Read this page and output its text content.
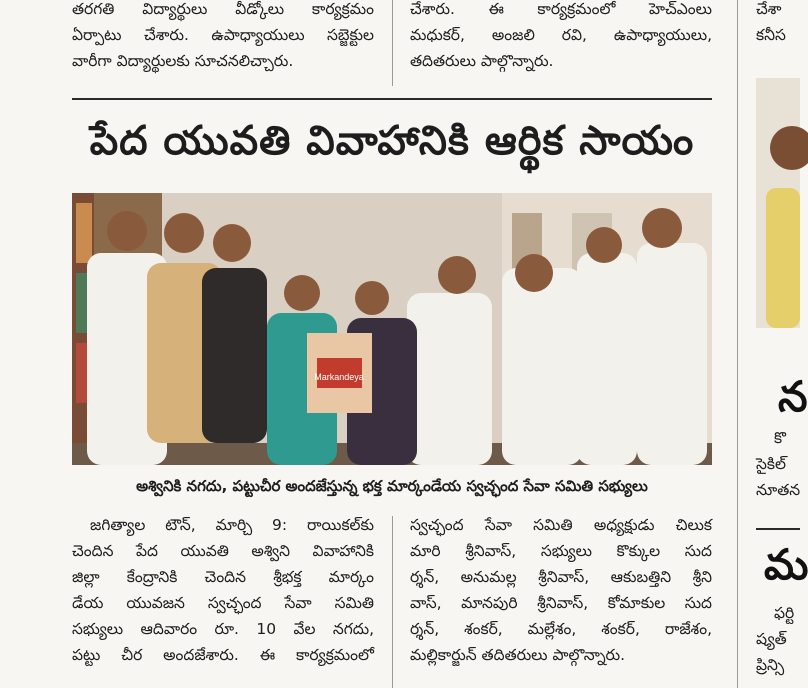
తరగతి విద్యార్థులు వీడ్కోలు కార్యక్రమం
ఏర్పాటు చేశారు. ఉపాధ్యాయులు సబ్జెక్టుల
వారీగా విద్యార్థులకు సూచనలిచ్చారు.
చేశారు. ఈ కార్యక్రమంలో హెచ్‌ఎంలు
మధుకర్, అంజలి రవి, ఉపాధ్యాయులు,
తదితరులు పాల్గొన్నారు.
చేశా
కనీస
పేద యువతి వివాహానికి ఆర్థిక సాయం
Markandeya
అశ్వినికి నగదు, పట్టుచీర అందజేస్తున్న భక్త మార్కండేయ స్వచ్ఛంద సేవా సమితి సభ్యులు
జగిత్యాల టౌన్, మార్చి 9: రాయికల్‌కు
చెందిన పేద యువతి అశ్విని వివాహానికి
జిల్లా కేంద్రానికి చెందిన శ్రీభక్త మార్కం
డేయ యువజన స్వచ్ఛంద సేవా సమితి
సభ్యులు ఆదివారం రూ. 10 వేల నగదు,
పట్టు చీర అందజేశారు. ఈ కార్యక్రమంలో
స్వచ్ఛంద సేవా సమితి అధ్యక్షుడు చిలుక
మారి శ్రీనివాస్, సభ్యులు కొక్కుల సుద
ర్శన్, అనుమల్ల శ్రీనివాస్, ఆకుబత్తిని శ్రీని
వాస్, మానపురి శ్రీనివాస్, కోమాకుల సుద
ర్శన్, శంకర్, మల్లేశం, శంకర్, రాజేశం,
మల్లికార్జున్ తదితరులు పాల్గొన్నారు.
న
కొ
సైకిల్
నూతన
మ
ఫర్టి
ష్యత్‌
ప్రిన్సి
